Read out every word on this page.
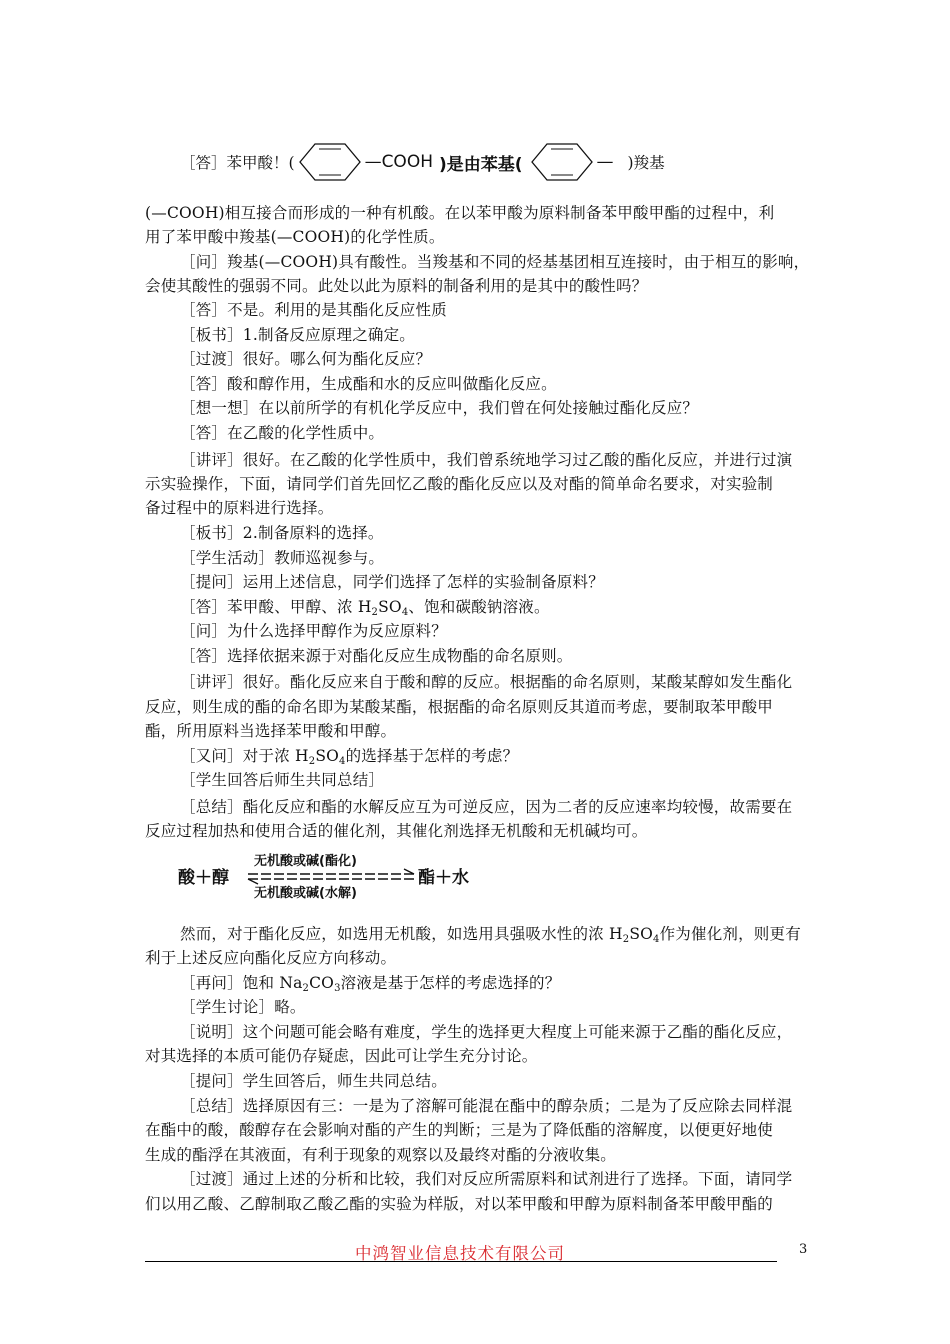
［答］苯甲酸！(	—COOH )是由苯基(	— )羧基
(—COOH)相互接合而形成的一种有机酸。在以苯甲酸为原料制备苯甲酸甲酯的过程中，利
用了苯甲酸中羧基(—COOH)的化学性质。
［问］羧基(—COOH)具有酸性。当羧基和不同的烃基基团相互连接时，由于相互的影响，
会使其酸性的强弱不同。此处以此为原料的制备利用的是其中的酸性吗？
［答］不是。利用的是其酯化反应性质
［板书］1.制备反应原理之确定。
［过渡］很好。哪么何为酯化反应？
［答］酸和醇作用，生成酯和水的反应叫做酯化反应。
［想一想］在以前所学的有机化学反应中，我们曾在何处接触过酯化反应？
［答］在乙酸的化学性质中。
［讲评］很好。在乙酸的化学性质中，我们曾系统地学习过乙酸的酯化反应，并进行过演
示实验操作，下面，请同学们首先回忆乙酸的酯化反应以及对酯的简单命名要求，对实验制
备过程中的原料进行选择。
［板书］2.制备原料的选择。
［学生活动］教师巡视参与。
［提问］运用上述信息，同学们选择了怎样的实验制备原料？
［答］苯甲酸、甲醇、浓 $H_2SO_4$、饱和碳酸钠溶液。
［问］为什么选择甲醇作为反应原料？
［答］选择依据来源于对酯化反应生成物酯的命名原则。
［讲评］很好。酯化反应来自于酸和醇的反应。根据酯的命名原则，某酸某醇如发生酯化
反应，则生成的酯的命名即为某酸某酯，根据酯的命名原则反其道而考虑，要制取苯甲酸甲
酯，所用原料当选择苯甲酸和甲醇。
［又问］对于浓 $H_2SO_4$的选择基于怎样的考虑？
［学生回答后师生共同总结］
［总结］酯化反应和酯的水解反应互为可逆反应，因为二者的反应速率均较慢，故需要在
反应过程加热和使用合适的催化剂，其催化剂选择无机酸和无机碱均可。
酸＋醇
无机酸或碱(酯化)
无机酸或碱(水解)
酯＋水
然而，对于酯化反应，如选用无机酸，如选用具强吸水性的浓 $H_2SO_4$作为催化剂，则更有
利于上述反应向酯化反应方向移动。
［再问］饱和 $Na_2CO_3$溶液是基于怎样的考虑选择的？
［学生讨论］略。
［说明］这个问题可能会略有难度，学生的选择更大程度上可能来源于乙酯的酯化反应，
对其选择的本质可能仍存疑虑，因此可让学生充分讨论。
［提问］学生回答后，师生共同总结。
［总结］选择原因有三：一是为了溶解可能混在酯中的醇杂质；二是为了反应除去同样混
在酯中的酸，酸醇存在会影响对酯的产生的判断；三是为了降低酯的溶解度，以便更好地使
生成的酯浮在其液面，有利于现象的观察以及最终对酯的分液收集。
［过渡］通过上述的分析和比较，我们对反应所需原料和试剂进行了选择。下面，请同学
们以用乙酸、乙醇制取乙酸乙酯的实验为样版，对以苯甲酸和甲醇为原料制备苯甲酸甲酯的
中鸿智业信息技术有限公司	3
